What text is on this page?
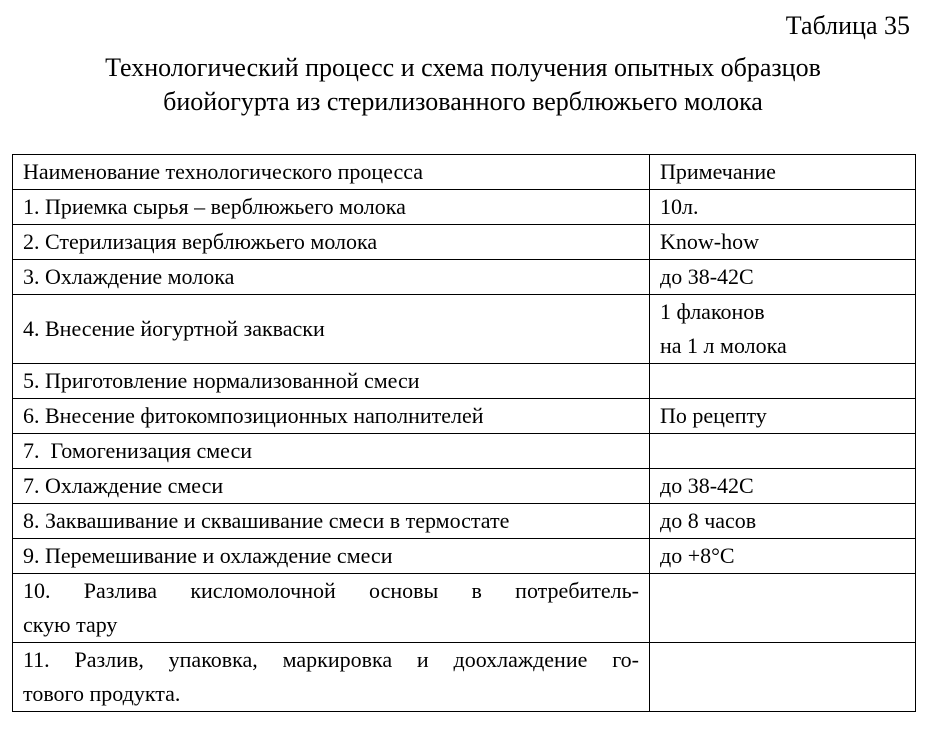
Таблица 35
Технологический процесс и схема получения опытных образцов
биойогурта из стерилизованного верблюжьего молока
Наименование технологического процесса	Примечание
1. Приемка сырья – верблюжьего молока	10л.
2. Стерилизация верблюжьего молока	Know-how
3. Охлаждение молока	до 38-42С
4. Внесение йогуртной закваски	1 флаконов
на 1 л молока

5. Приготовление нормализованной смеси	
6. Внесение фитокомпозиционных наполнителей	По рецепту
7.  Гомогенизация смеси	
7. Охлаждение смеси	до 38-42С
8. Заквашивание и сквашивание смеси в термостате	до 8 часов
9. Перемешивание и охлаждение смеси	до +8°С

10. Разлива кисломолочной основы в потребитель-
скую тару	

11. Разлив, упаковка, маркировка и доохлаждение го-
тового продукта.	
